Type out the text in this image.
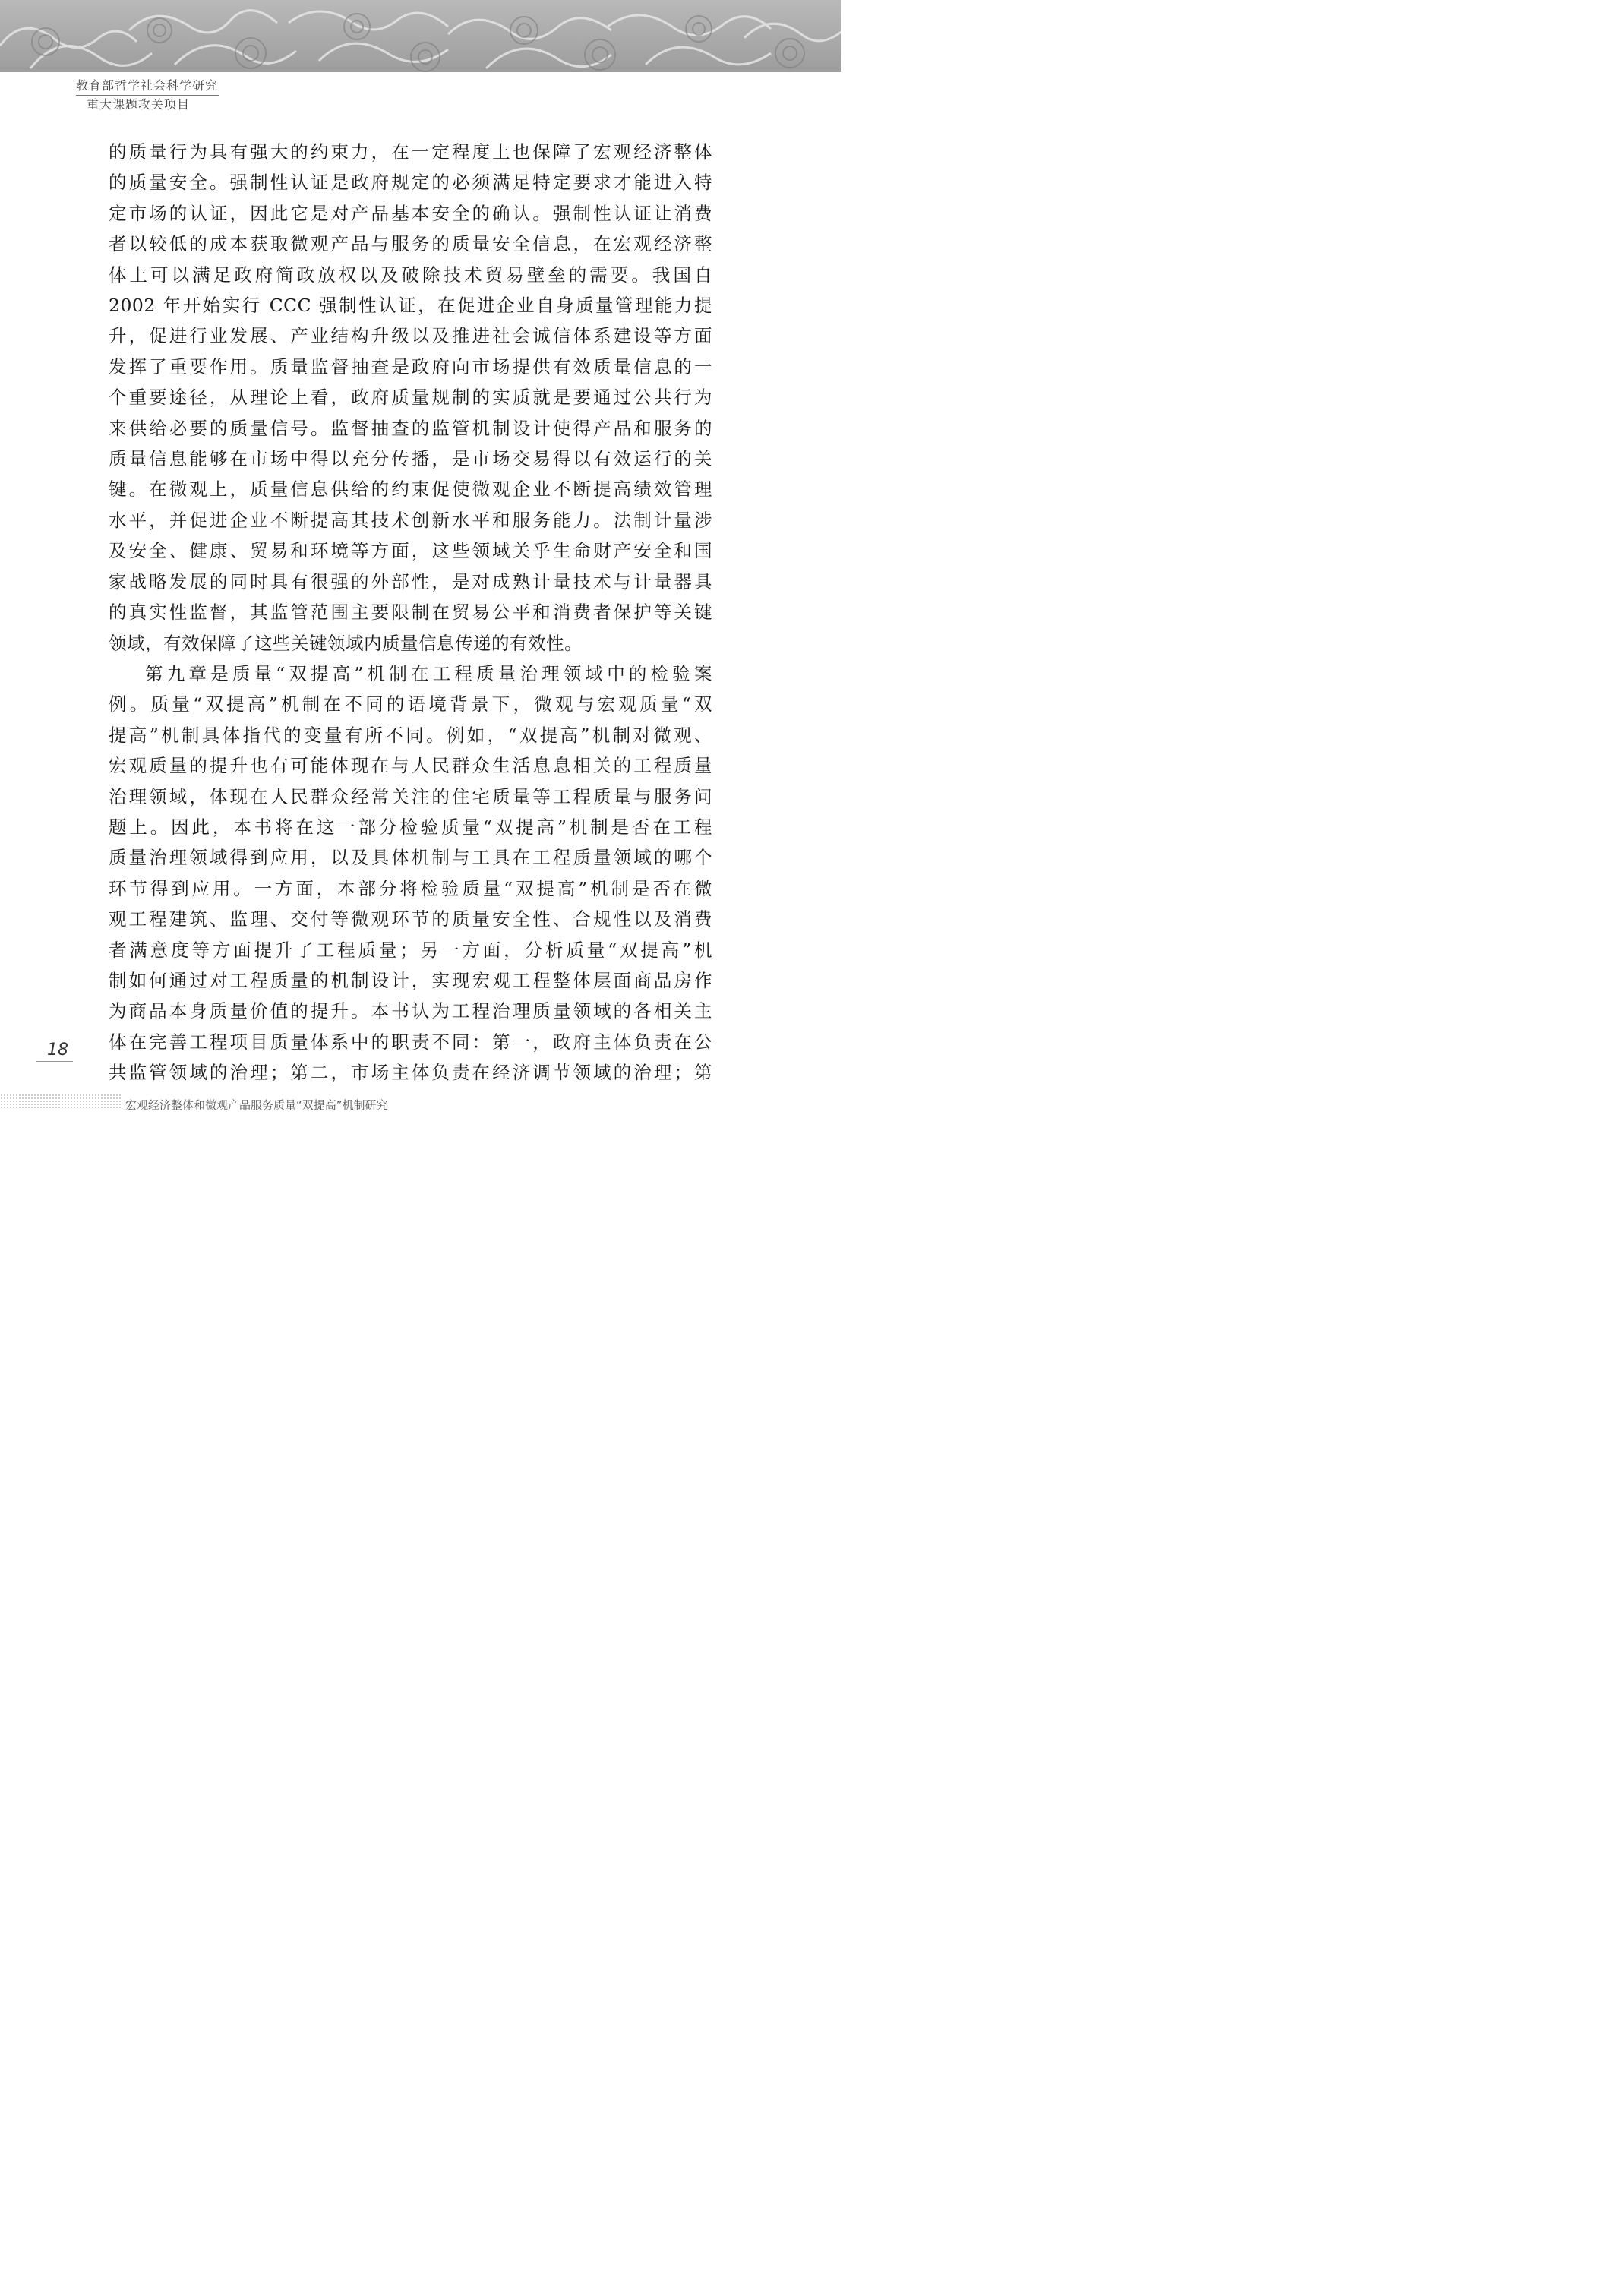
教育部哲学社会科学研究
重大课题攻关项目

的质量行为具有强大的约束力，在一定程度上也保障了宏观经济整体
的质量安全。强制性认证是政府规定的必须满足特定要求才能进入特
定市场的认证，因此它是对产品基本安全的确认。强制性认证让消费
者以较低的成本获取微观产品与服务的质量安全信息，在宏观经济整
体上可以满足政府简政放权以及破除技术贸易壁垒的需要。我国自
2002 年开始实行 CCC 强制性认证，在促进企业自身质量管理能力提
升，促进行业发展、产业结构升级以及推进社会诚信体系建设等方面
发挥了重要作用。质量监督抽查是政府向市场提供有效质量信息的一
个重要途径，从理论上看，政府质量规制的实质就是要通过公共行为
来供给必要的质量信号。监督抽查的监管机制设计使得产品和服务的
质量信息能够在市场中得以充分传播，是市场交易得以有效运行的关
键。在微观上，质量信息供给的约束促使微观企业不断提高绩效管理
水平，并促进企业不断提高其技术创新水平和服务能力。法制计量涉
及安全、健康、贸易和环境等方面，这些领域关乎生命财产安全和国
家战略发展的同时具有很强的外部性，是对成熟计量技术与计量器具
的真实性监督，其监管范围主要限制在贸易公平和消费者保护等关键
领域，有效保障了这些关键领域内质量信息传递的有效性。

第九章是质量“双提高”机制在工程质量治理领域中的检验案
例。质量“双提高”机制在不同的语境背景下，微观与宏观质量“双
提高”机制具体指代的变量有所不同。例如，“双提高”机制对微观、
宏观质量的提升也有可能体现在与人民群众生活息息相关的工程质量
治理领域，体现在人民群众经常关注的住宅质量等工程质量与服务问
题上。因此，本书将在这一部分检验质量“双提高”机制是否在工程
质量治理领域得到应用，以及具体机制与工具在工程质量领域的哪个
环节得到应用。一方面，本部分将检验质量“双提高”机制是否在微
观工程建筑、监理、交付等微观环节的质量安全性、合规性以及消费
者满意度等方面提升了工程质量；另一方面，分析质量“双提高”机
制如何通过对工程质量的机制设计，实现宏观工程整体层面商品房作
为商品本身质量价值的提升。本书认为工程治理质量领域的各相关主
体在完善工程项目质量体系中的职责不同：第一，政府主体负责在公
共监管领域的治理；第二，市场主体负责在经济调节领域的治理；第

18
宏观经济整体和微观产品服务质量“双提高”机制研究
